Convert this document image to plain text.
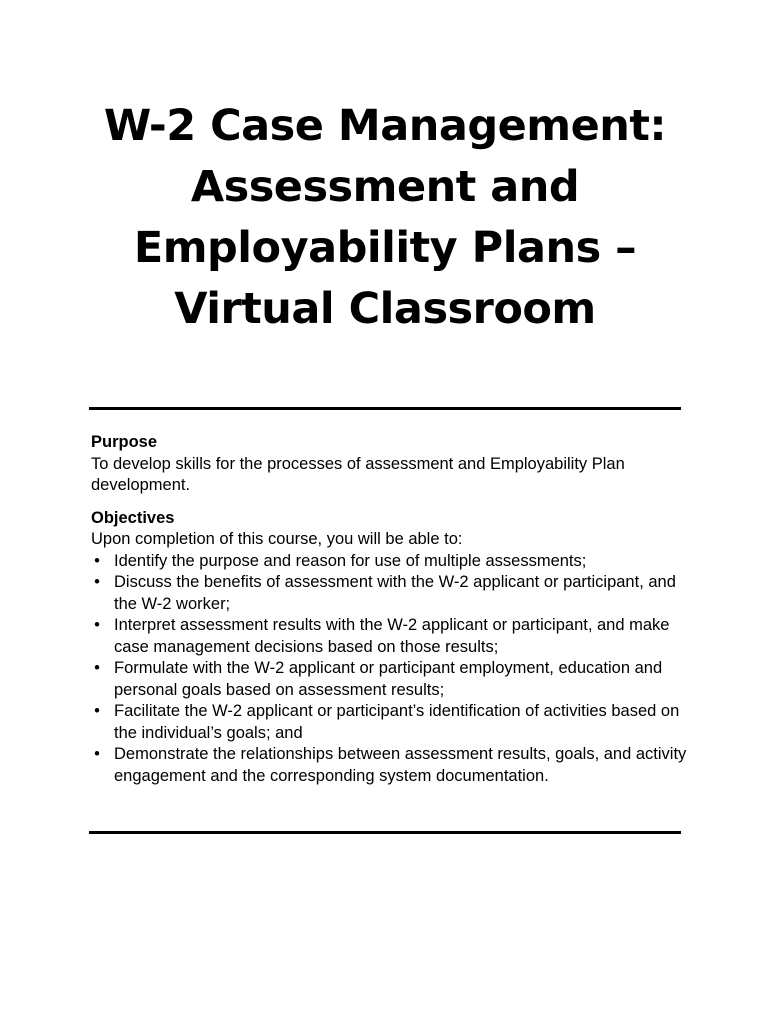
W-2 Case Management:
Assessment and
Employability Plans –
Virtual Classroom

Purpose

To develop skills for the processes of assessment and Employability Plan development.

Objectives

Upon completion of this course, you will be able to:

• Identify the purpose and reason for use of multiple assessments;
• Discuss the benefits of assessment with the W-2 applicant or participant, and the W-2 worker;
• Interpret assessment results with the W-2 applicant or participant, and make case management decisions based on those results;
• Formulate with the W-2 applicant or participant employment, education and personal goals based on assessment results;
• Facilitate the W-2 applicant or participant’s identification of activities based on the individual’s goals; and
• Demonstrate the relationships between assessment results, goals, and activity engagement and the corresponding system documentation.
